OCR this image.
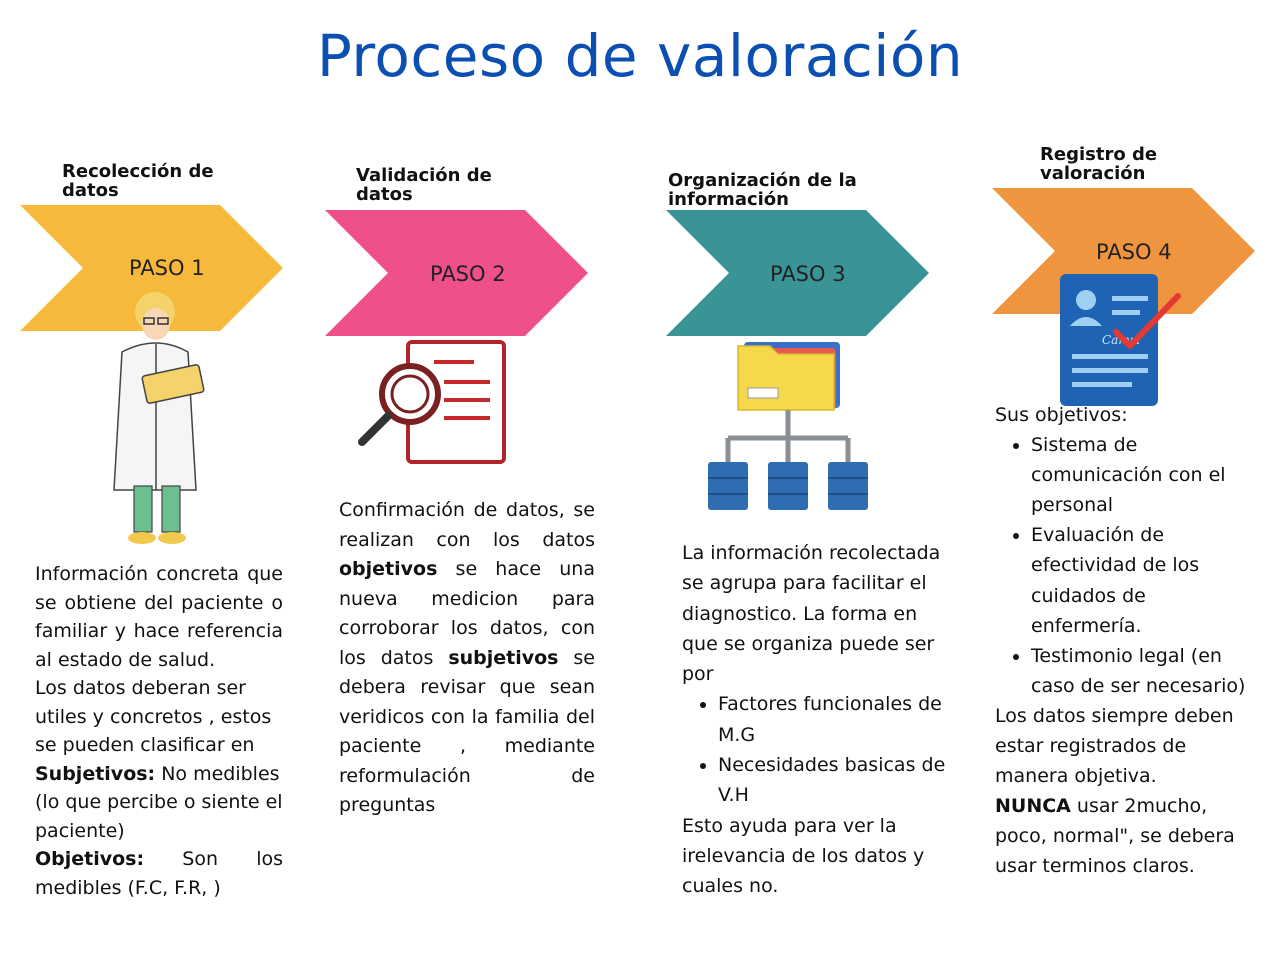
Proceso de valoración
Recolección de datos
PASO 1
Información concreta que se obtiene del paciente o familiar y hace referencia al estado de salud.
Los datos deberan ser utiles y concretos , estos se pueden clasificar en
Subjetivos: No medibles (lo que percibe o siente el paciente)
Objetivos: Son los medibles (F.C, F.R, )
Validación de datos
PASO 2
Confirmación de datos, se realizan con los datos objetivos se hace una nueva medicion para corroborar los datos, con los datos subjetivos se debera revisar que sean veridicos con la familia del paciente , mediante reformulación de preguntas
Organización de la información
PASO 3
La información recolectada se agrupa para facilitar el diagnostico. La forma en que se organiza puede ser por
• Factores funcionales de M.G
• Necesidades basicas de V.H
Esto ayuda para ver la irelevancia de los datos y cuales no.
Registro de valoración
PASO 4
Canva
Sus objetivos:
• Sistema de comunicación con el personal
• Evaluación de efectividad de los cuidados de enfermería.
• Testimonio legal (en caso de ser necesario)
Los datos siempre deben estar registrados de manera objetiva.
NUNCA usar 2mucho, poco, normal", se debera usar terminos claros.
